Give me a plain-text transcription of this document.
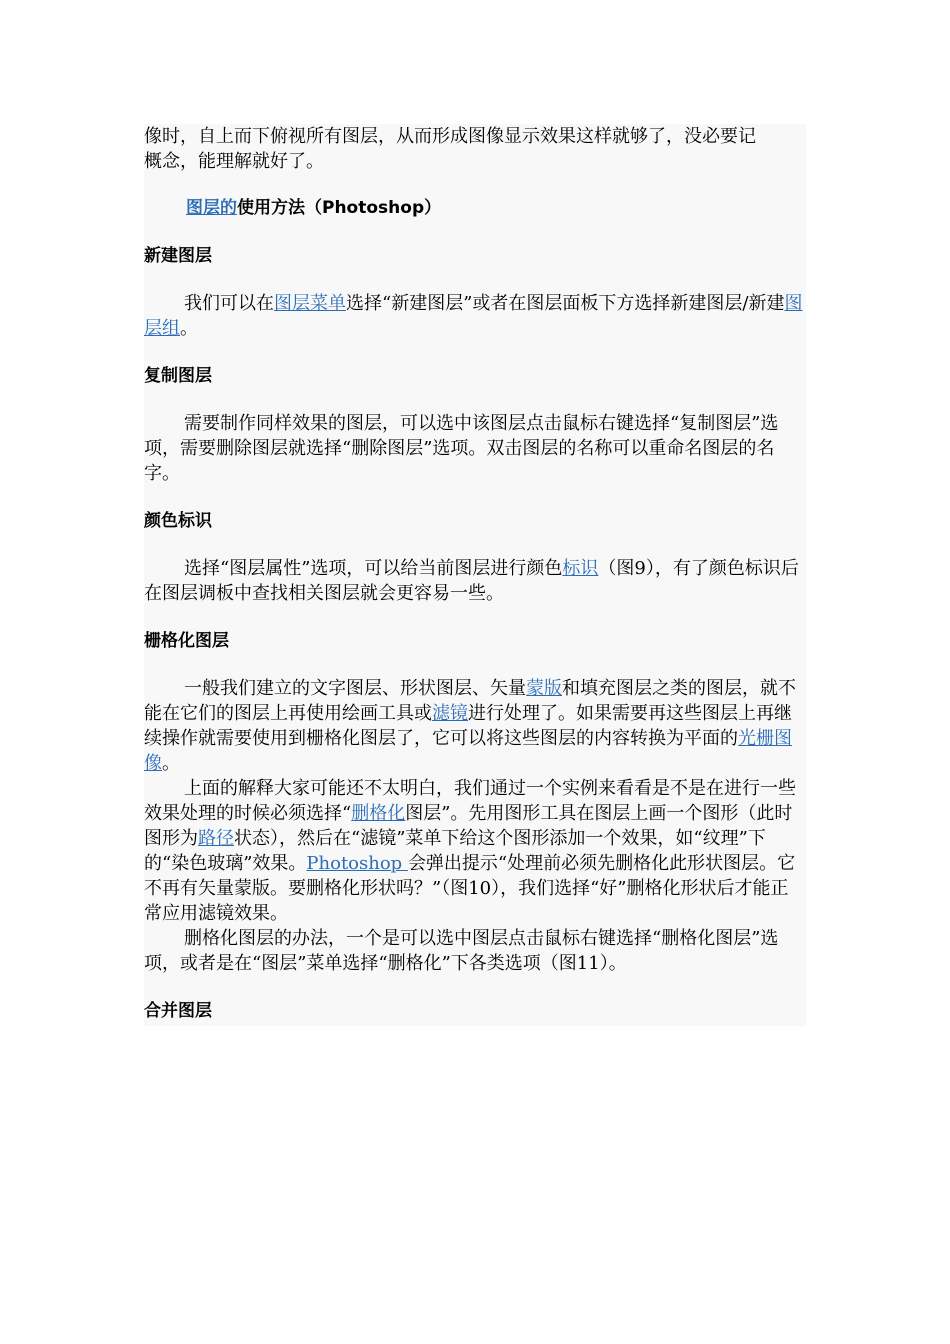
像时，自上而下俯视所有图层，从而形成图像显示效果这样就够了，没必要记
概念，能理解就好了。

图层的使用方法（Photoshop）

新建图层

我们可以在图层菜单选择“新建图层”或者在图层面板下方选择新建图层/新建图层组。

复制图层

需要制作同样效果的图层，可以选中该图层点击鼠标右键选择“复制图层”选项，需要删除图层就选择“删除图层”选项。双击图层的名称可以重命名图层的名字。

颜色标识

选择“图层属性”选项，可以给当前图层进行颜色标识（图9），有了颜色标识后在图层调板中查找相关图层就会更容易一些。

栅格化图层

一般我们建立的文字图层、形状图层、矢量蒙版和填充图层之类的图层，就不能在它们的图层上再使用绘画工具或滤镜进行处理了。如果需要再这些图层上再继续操作就需要使用到栅格化图层了，它可以将这些图层的内容转换为平面的光栅图像。

上面的解释大家可能还不太明白，我们通过一个实例来看看是不是在进行一些效果处理的时候必须选择“删格化图层”。先用图形工具在图层上画一个图形（此时图形为路径状态），然后在“滤镜”菜单下给这个图形添加一个效果，如“纹理”下的“染色玻璃”效果。Photoshop 会弹出提示“处理前必须先删格化此形状图层。它不再有矢量蒙版。要删格化形状吗？”（图10），我们选择“好”删格化形状后才能正常应用滤镜效果。

删格化图层的办法，一个是可以选中图层点击鼠标右键选择“删格化图层”选项，或者是在“图层”菜单选择“删格化”下各类选项（图11）。

合并图层
